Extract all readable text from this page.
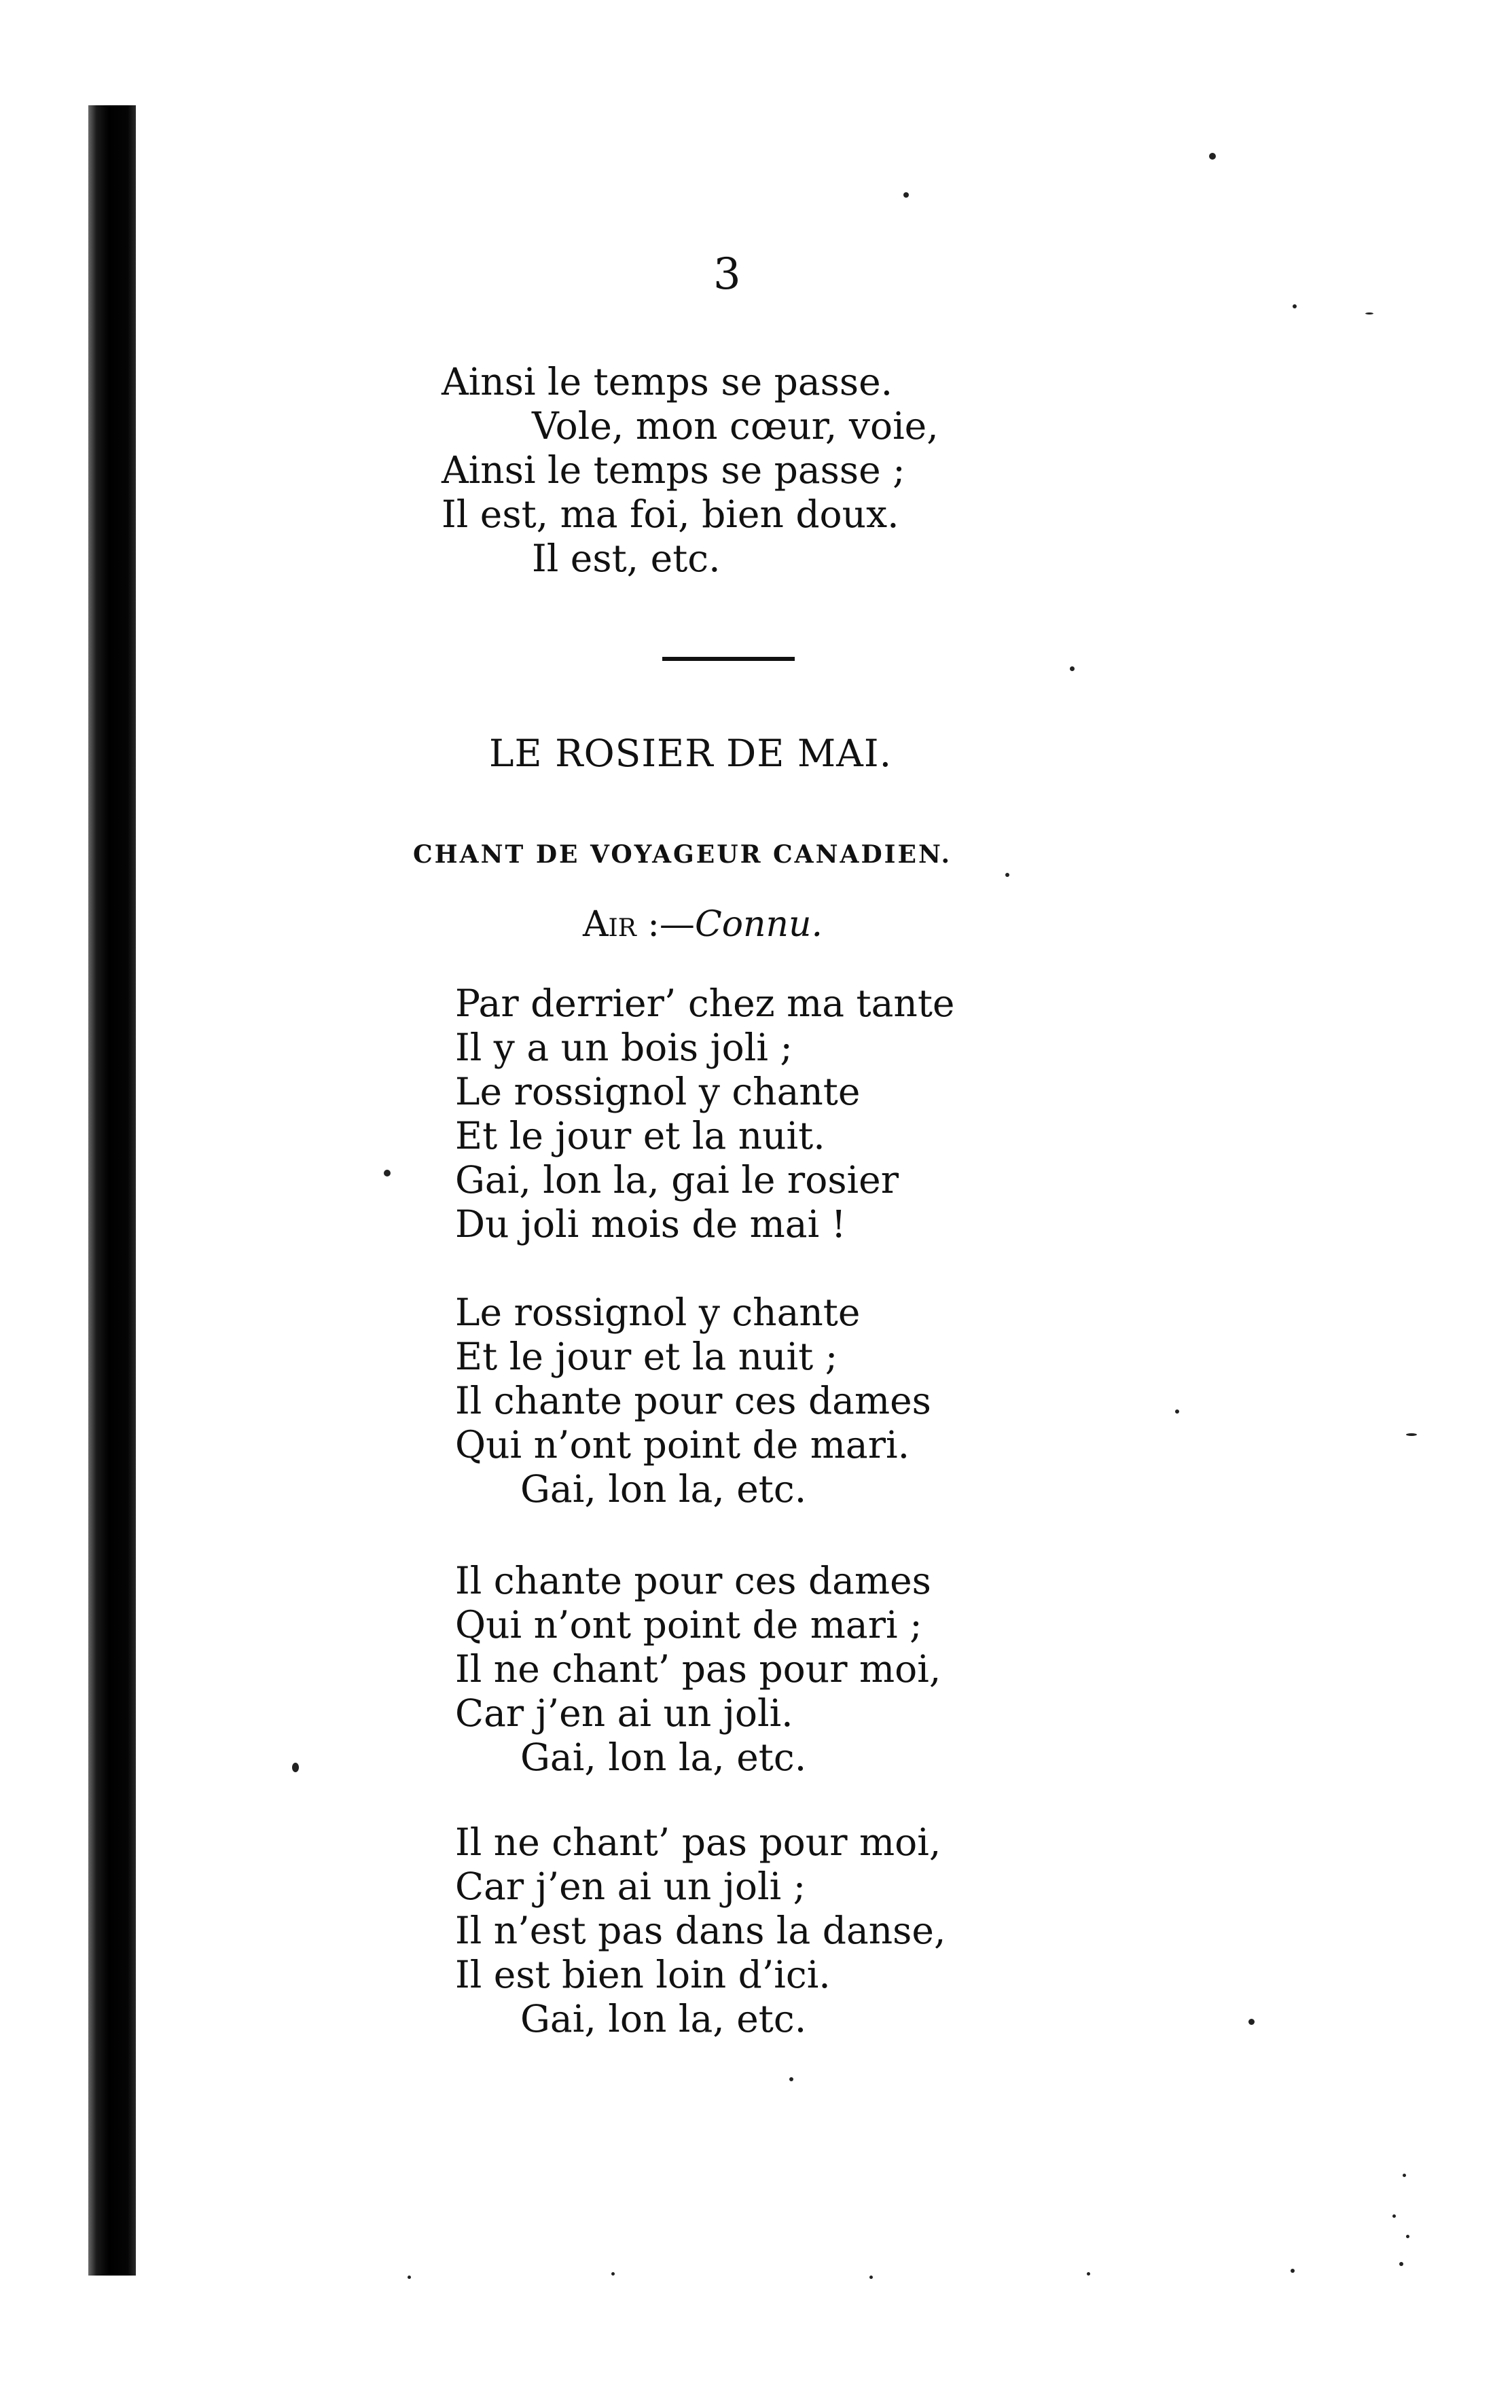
3
Ainsi le temps se passe.
Vole, mon cœur, voie,
Ainsi le temps se passe ;
Il est, ma foi, bien doux.
Il est, etc.
LE ROSIER DE MAI.
CHANT DE VOYAGEUR CANADIEN.
Air :—Connu.
Par derrier’ chez ma tante
Il y a un bois joli ;
Le rossignol y chante
Et le jour et la nuit.
Gai, lon la, gai le rosier
Du joli mois de mai !
Le rossignol y chante
Et le jour et la nuit ;
Il chante pour ces dames
Qui n’ont point de mari.
Gai, lon la, etc.
Il chante pour ces dames
Qui n’ont point de mari ;
Il ne chant’ pas pour moi,
Car j’en ai un joli.
Gai, lon la, etc.
Il ne chant’ pas pour moi,
Car j’en ai un joli ;
Il n’est pas dans la danse,
Il est bien loin d’ici.
Gai, lon la, etc.
